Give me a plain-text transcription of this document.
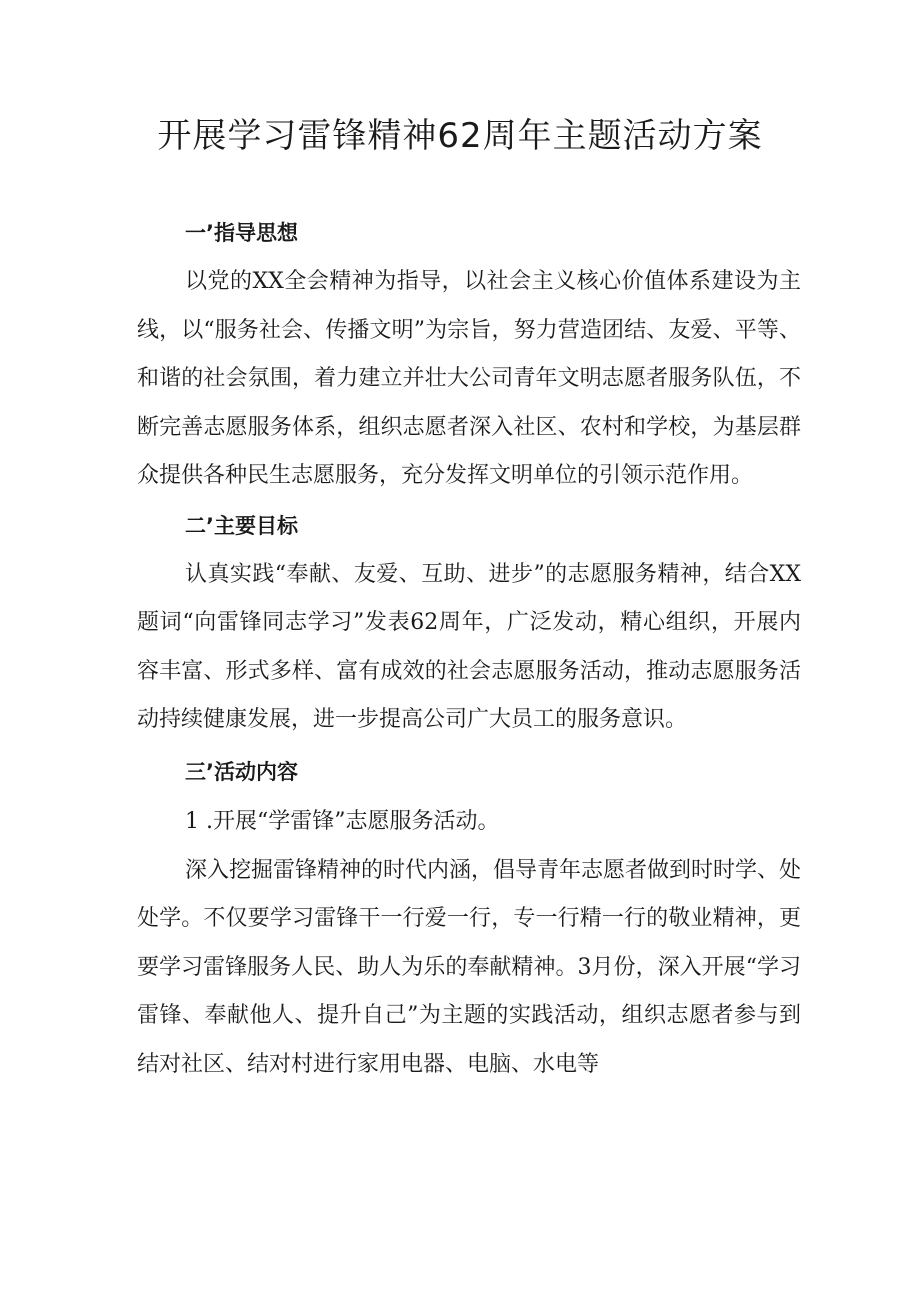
开展学习雷锋精神62周年主题活动方案
一’指导思想

以党的XX全会精神为指导，以社会主义核心价值体系建设为主线，以“服务社会、传播文明”为宗旨，努力营造团结、友爱、平等、和谐的社会氛围，着力建立并壮大公司青年文明志愿者服务队伍，不断完善志愿服务体系，组织志愿者深入社区、农村和学校，为基层群众提供各种民生志愿服务，充分发挥文明单位的引领示范作用。

二’主要目标

认真实践“奉献、友爱、互助、进步”的志愿服务精神，结合XX题词“向雷锋同志学习”发表62周年，广泛发动，精心组织，开展内容丰富、形式多样、富有成效的社会志愿服务活动，推动志愿服务活动持续健康发展，进一步提高公司广大员工的服务意识。

三’活动内容

1 .开展“学雷锋”志愿服务活动。

深入挖掘雷锋精神的时代内涵，倡导青年志愿者做到时时学、处处学。不仅要学习雷锋干一行爱一行，专一行精一行的敬业精神，更要学习雷锋服务人民、助人为乐的奉献精神。3月份，深入开展“学习雷锋、奉献他人、提升自己”为主题的实践活动，组织志愿者参与到结对社区、结对村进行家用电器、电脑、水电等
